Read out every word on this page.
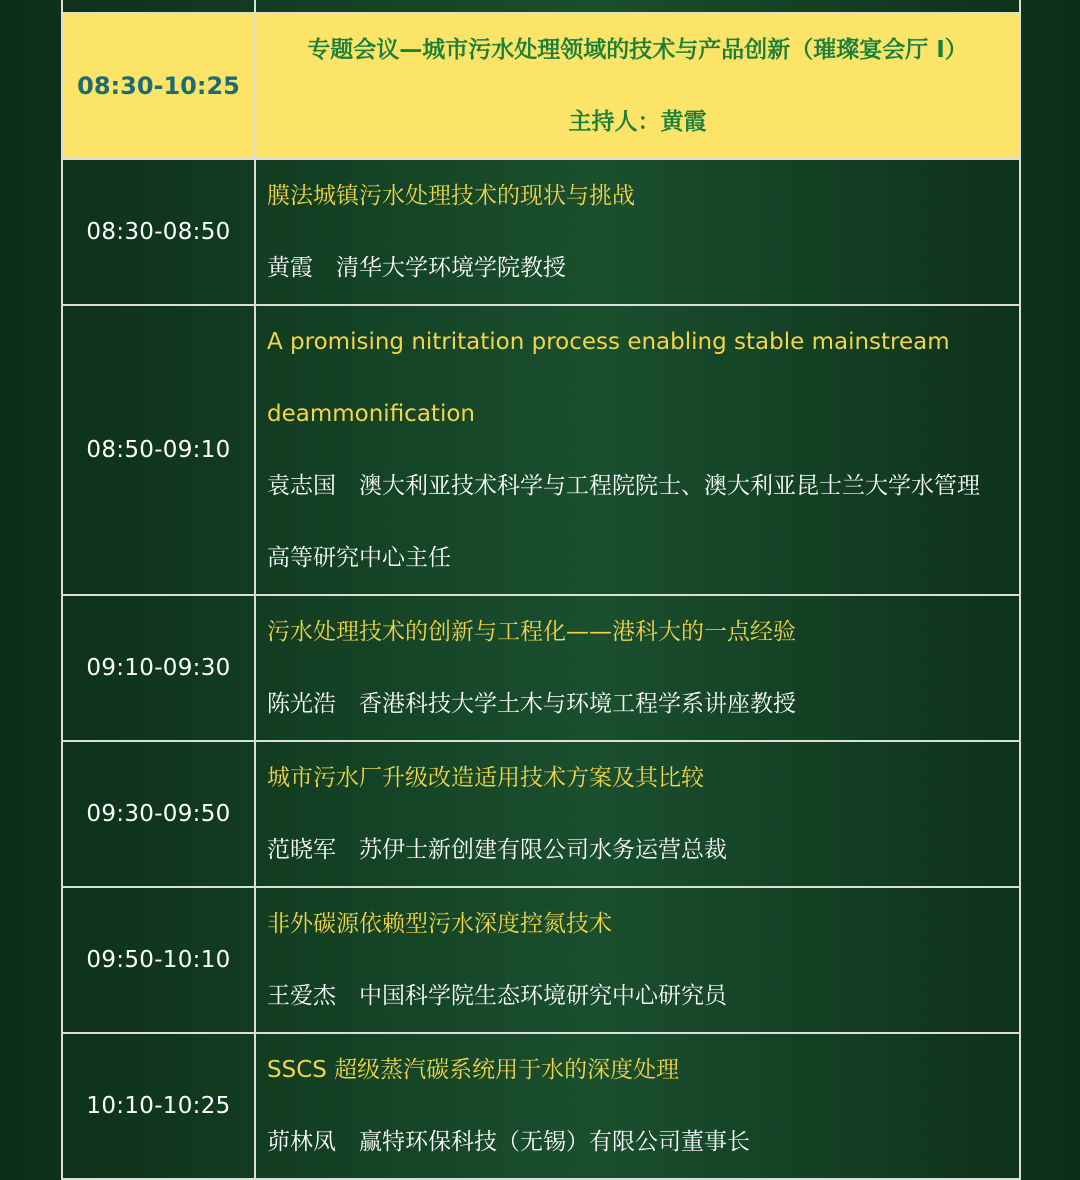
08:30-10:25	专题会议—城市污水处理领域的技术与产品创新（璀璨宴会厅 I）
主持人：黄霞

08:30-08:50	膜法城镇污水处理技术的现状与挑战
黄霞　清华大学环境学院教授

08:50-09:10	A promising nitritation process enabling stable mainstream
deammonification
袁志国　澳大利亚技术科学与工程院院士、澳大利亚昆士兰大学水管理
高等研究中心主任

09:10-09:30	污水处理技术的创新与工程化——港科大的一点经验
陈光浩　香港科技大学土木与环境工程学系讲座教授

09:30-09:50	城市污水厂升级改造适用技术方案及其比较
范晓军　苏伊士新创建有限公司水务运营总裁

09:50-10:10	非外碳源依赖型污水深度控氮技术
王爱杰　中国科学院生态环境研究中心研究员

10:10-10:25	SSCS 超级蒸汽碳系统用于水的深度处理
茆林凤　赢特环保科技（无锡）有限公司董事长
